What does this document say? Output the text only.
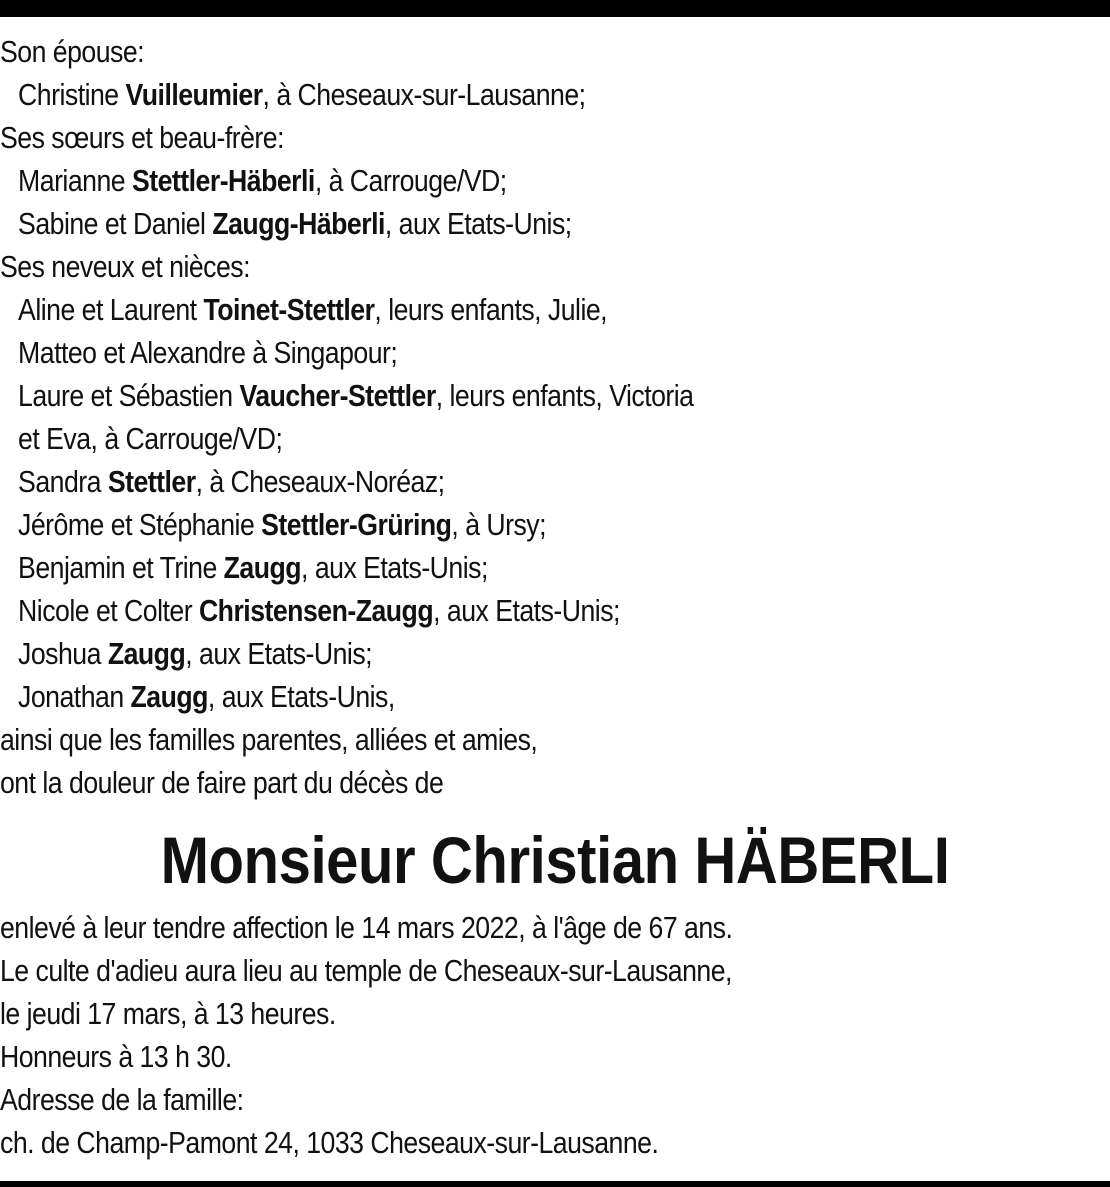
Son épouse:
Christine Vuilleumier, à Cheseaux-sur-Lausanne;
Ses sœurs et beau-frère:
Marianne Stettler-Häberli, à Carrouge/VD;
Sabine et Daniel Zaugg-Häberli, aux Etats-Unis;
Ses neveux et nièces:
Aline et Laurent Toinet-Stettler, leurs enfants, Julie,
Matteo et Alexandre à Singapour;
Laure et Sébastien Vaucher-Stettler, leurs enfants, Victoria
et Eva, à Carrouge/VD;
Sandra Stettler, à Cheseaux-Noréaz;
Jérôme et Stéphanie Stettler-Grüring, à Ursy;
Benjamin et Trine Zaugg, aux Etats-Unis;
Nicole et Colter Christensen-Zaugg, aux Etats-Unis;
Joshua Zaugg, aux Etats-Unis;
Jonathan Zaugg, aux Etats-Unis,
ainsi que les familles parentes, alliées et amies,
ont la douleur de faire part du décès de
Monsieur Christian HÄBERLI
enlevé à leur tendre affection le 14 mars 2022, à l'âge de 67 ans.
Le culte d'adieu aura lieu au temple de Cheseaux-sur-Lausanne,
le jeudi 17 mars, à 13 heures.
Honneurs à 13 h 30.
Adresse de la famille:
ch. de Champ-Pamont 24, 1033 Cheseaux-sur-Lausanne.
